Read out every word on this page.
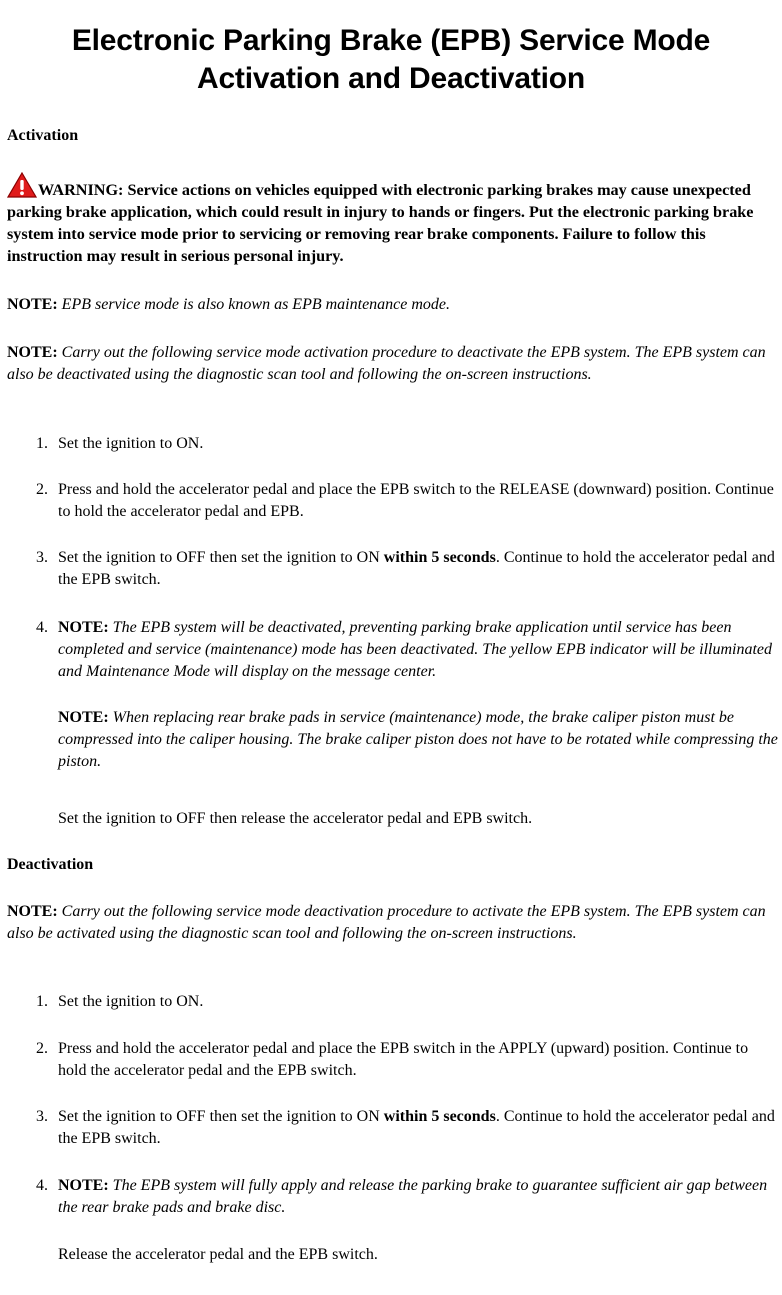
Electronic Parking Brake (EPB) Service Mode
Activation and Deactivation
Activation
WARNING: Service actions on vehicles equipped with electronic parking brakes may cause unexpected parking brake application, which could result in injury to hands or fingers. Put the electronic parking brake system into service mode prior to servicing or removing rear brake components. Failure to follow this instruction may result in serious personal injury.
NOTE: EPB service mode is also known as EPB maintenance mode.
NOTE: Carry out the following service mode activation procedure to deactivate the EPB system. The EPB system can also be deactivated using the diagnostic scan tool and following the on-screen instructions.
1. Set the ignition to ON.
2. Press and hold the accelerator pedal and place the EPB switch to the RELEASE (downward) position. Continue to hold the accelerator pedal and EPB.
3. Set the ignition to OFF then set the ignition to ON within 5 seconds. Continue to hold the accelerator pedal and the EPB switch.
4. NOTE: The EPB system will be deactivated, preventing parking brake application until service has been completed and service (maintenance) mode has been deactivated. The yellow EPB indicator will be illuminated and Maintenance Mode will display on the message center.
NOTE: When replacing rear brake pads in service (maintenance) mode, the brake caliper piston must be compressed into the caliper housing. The brake caliper piston does not have to be rotated while compressing the piston.
Set the ignition to OFF then release the accelerator pedal and EPB switch.
Deactivation
NOTE: Carry out the following service mode deactivation procedure to activate the EPB system. The EPB system can also be activated using the diagnostic scan tool and following the on-screen instructions.
1. Set the ignition to ON.
2. Press and hold the accelerator pedal and place the EPB switch in the APPLY (upward) position. Continue to hold the accelerator pedal and the EPB switch.
3. Set the ignition to OFF then set the ignition to ON within 5 seconds. Continue to hold the accelerator pedal and the EPB switch.
4. NOTE: The EPB system will fully apply and release the parking brake to guarantee sufficient air gap between the rear brake pads and brake disc.
Release the accelerator pedal and the EPB switch.
